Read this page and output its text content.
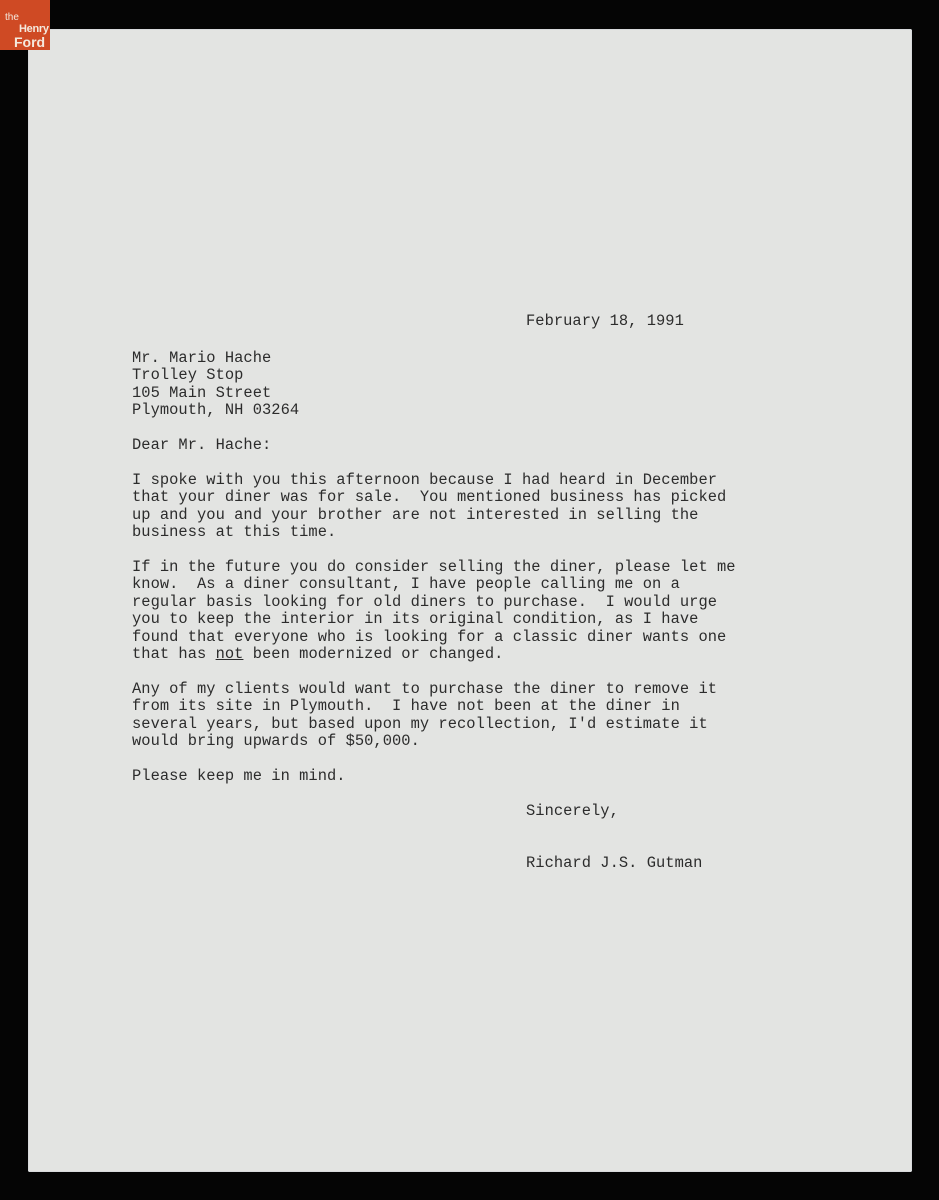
the
Henry
Ford
February 18, 1991
Mr. Mario Hache
Trolley Stop
105 Main Street
Plymouth, NH 03264
Dear Mr. Hache:
I spoke with you this afternoon because I had heard in December
that your diner was for sale.  You mentioned business has picked
up and you and your brother are not interested in selling the
business at this time.
If in the future you do consider selling the diner, please let me
know.  As a diner consultant, I have people calling me on a
regular basis looking for old diners to purchase.  I would urge
you to keep the interior in its original condition, as I have
found that everyone who is looking for a classic diner wants one
that has not been modernized or changed.
Any of my clients would want to purchase the diner to remove it
from its site in Plymouth.  I have not been at the diner in
several years, but based upon my recollection, I'd estimate it
would bring upwards of $50,000.
Please keep me in mind.
Sincerely,
Richard J.S. Gutman
